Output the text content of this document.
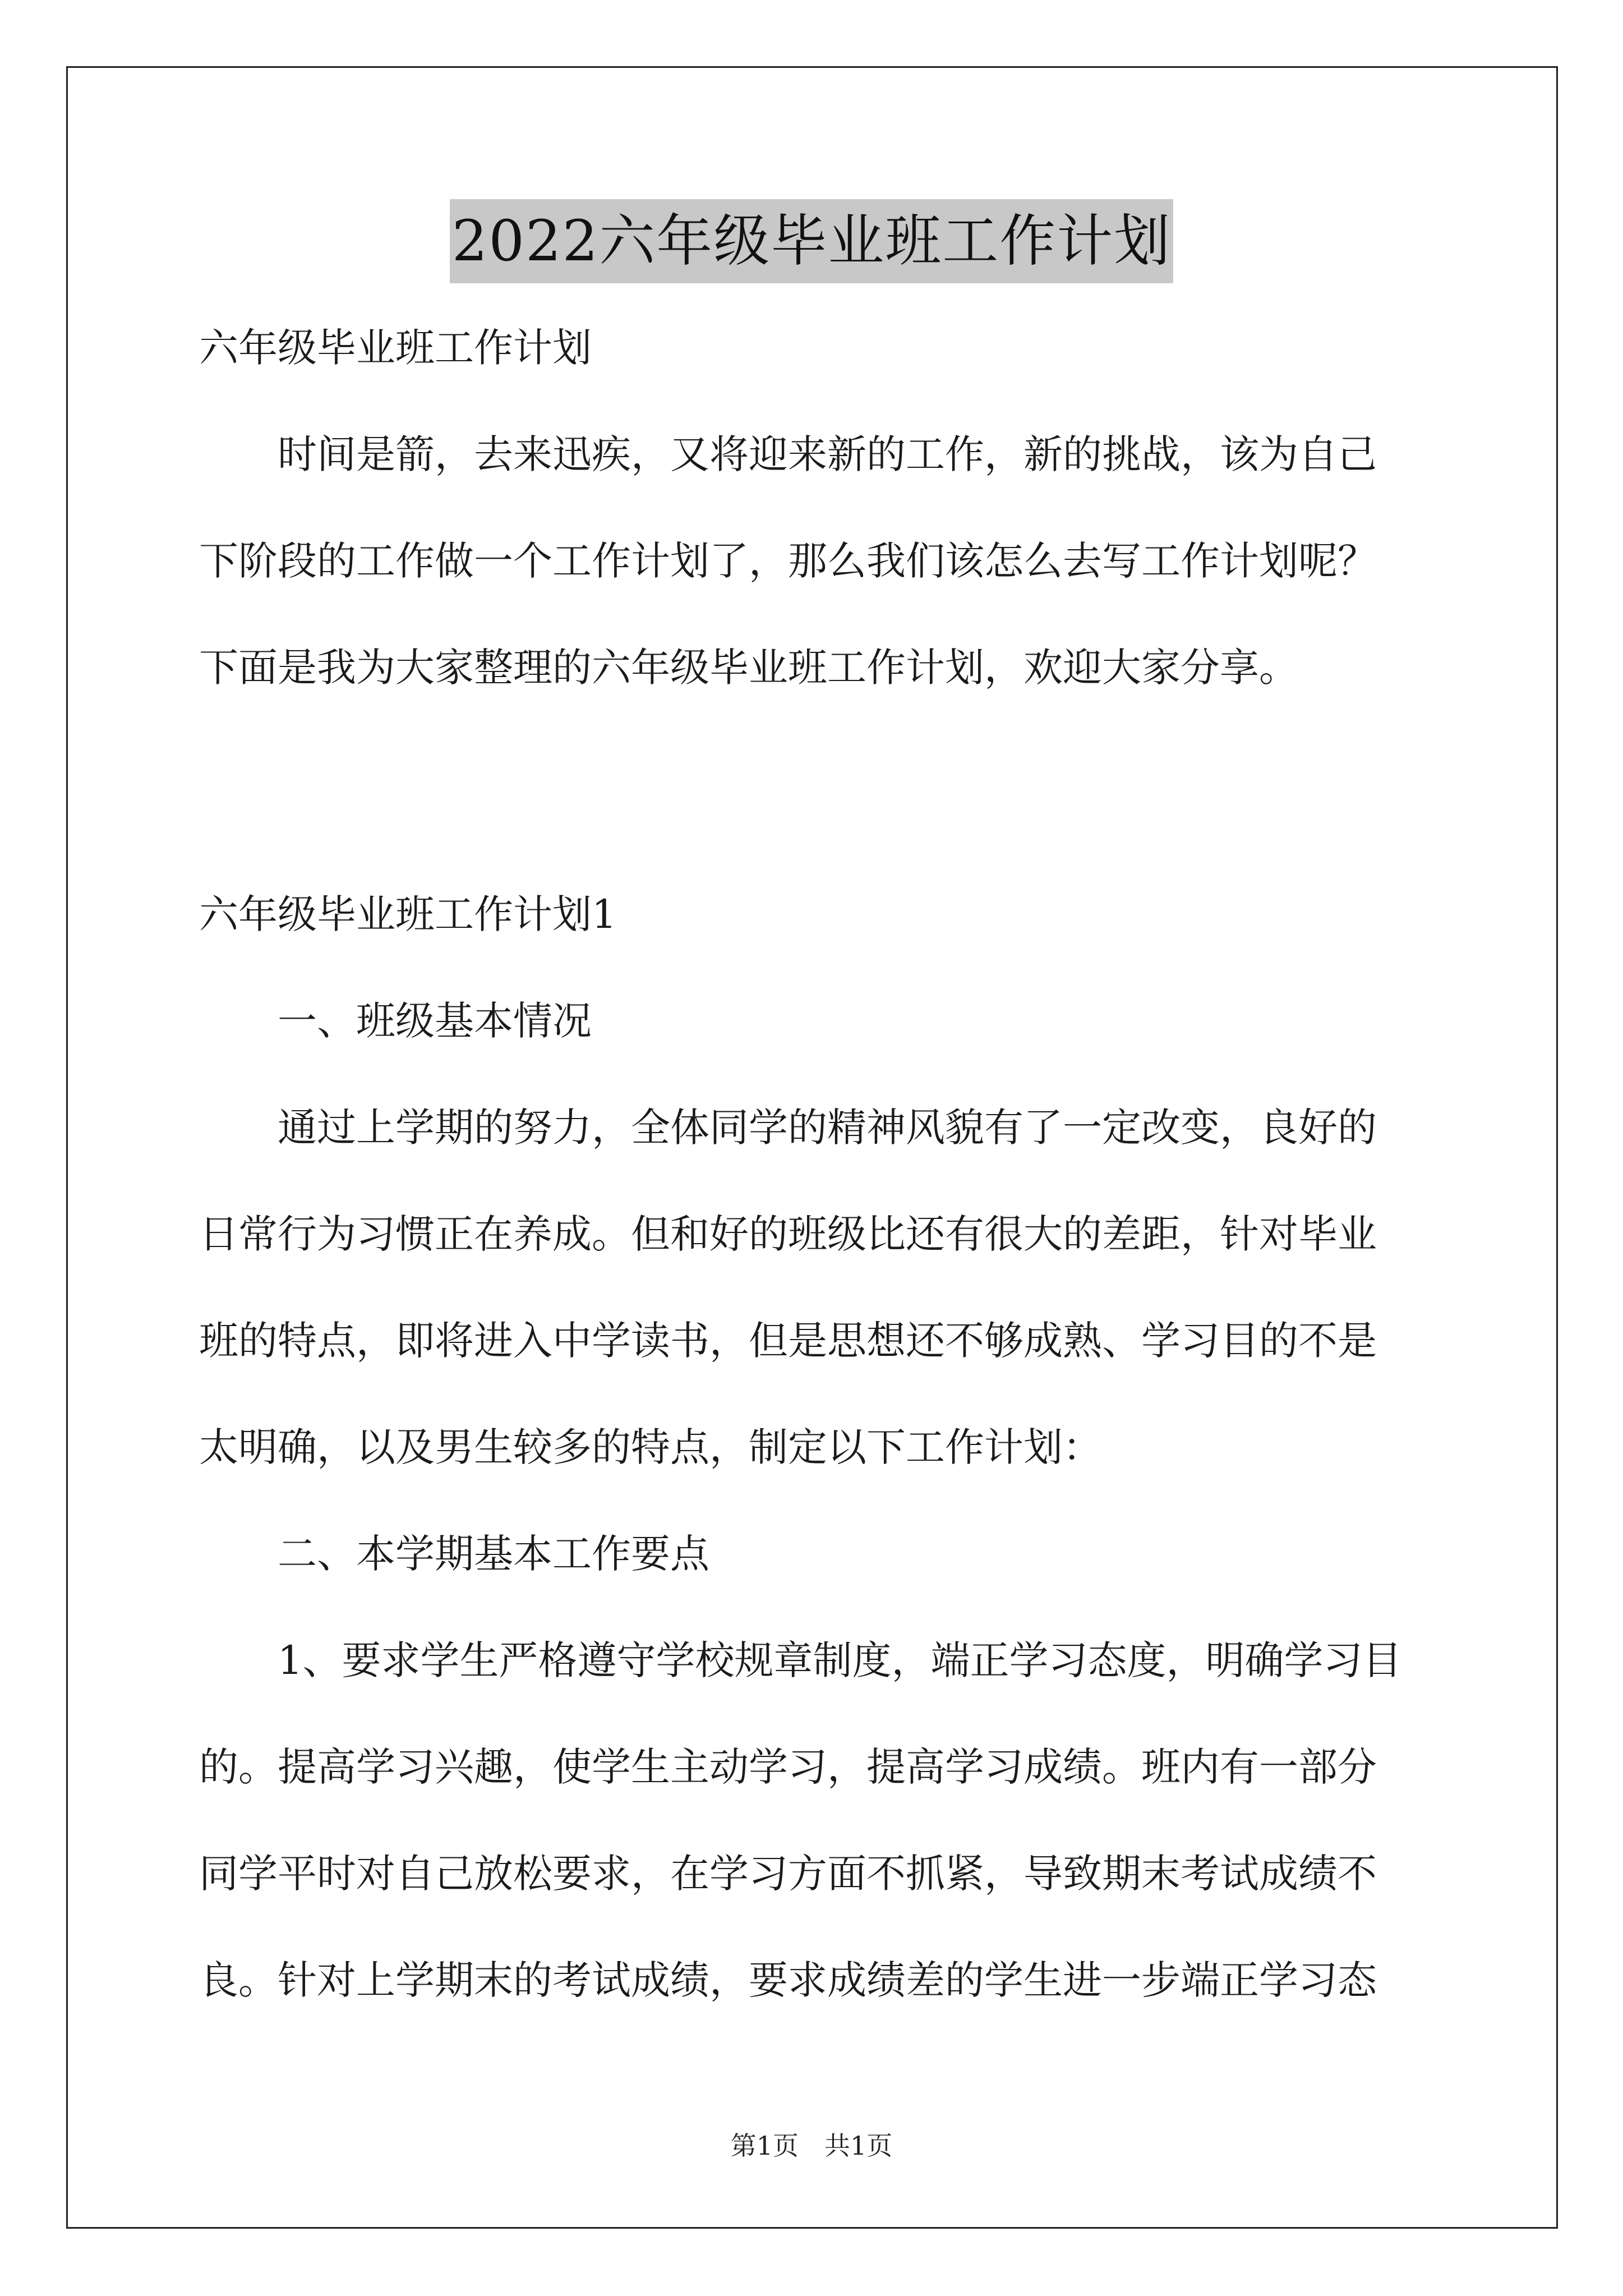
2022六年级毕业班工作计划
六年级毕业班工作计划
时间是箭，去来迅疾，又将迎来新的工作，新的挑战，该为自己
下阶段的工作做一个工作计划了，那么我们该怎么去写工作计划呢？
下面是我为大家整理的六年级毕业班工作计划，欢迎大家分享。
六年级毕业班工作计划1
一、班级基本情况
通过上学期的努力，全体同学的精神风貌有了一定改变，良好的
日常行为习惯正在养成。但和好的班级比还有很大的差距，针对毕业
班的特点，即将进入中学读书，但是思想还不够成熟、学习目的不是
太明确，以及男生较多的特点，制定以下工作计划：
二、本学期基本工作要点
1、要求学生严格遵守学校规章制度，端正学习态度，明确学习目
的。提高学习兴趣，使学生主动学习，提高学习成绩。班内有一部分
同学平时对自己放松要求，在学习方面不抓紧，导致期末考试成绩不
良。针对上学期末的考试成绩，要求成绩差的学生进一步端正学习态
第1页　共1页
